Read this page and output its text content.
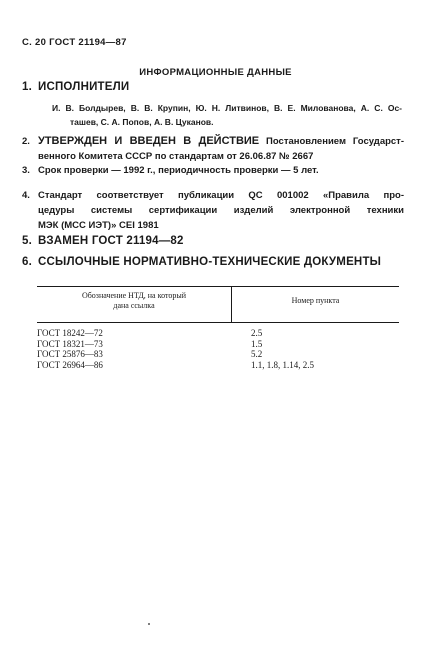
С. 20 ГОСТ 21194—87
ИНФОРМАЦИОННЫЕ ДАННЫЕ
1. ИСПОЛНИТЕЛИ
И. В. Болдырев, В. В. Крупин, Ю. Н. Литвинов, В. Е. Милованова, А. С. Ос-
ташев, С. А. Попов, А. В. Цуканов.
2. УТВЕРЖДЕН И ВВЕДЕН В ДЕЙСТВИЕ Постановлением Государст-
венного Комитета СССР по стандартам от 26.06.87 № 2667
3. Срок проверки — 1992 г., периодичность проверки — 5 лет.
4. Стандарт соответствует публикации QC 001002 «Правила про-
цедуры системы сертификации изделий электронной техники
МЭК (МСС ИЭТ)» CEI 1981
5. ВЗАМЕН ГОСТ 21194—82
6. ССЫЛОЧНЫЕ НОРМАТИВНО-ТЕХНИЧЕСКИЕ ДОКУМЕНТЫ
Обозначение НТД, на который
дана ссылка
Номер пункта
ГОСТ 18242—72	2.5
ГОСТ 18321—73	1.5
ГОСТ 25876—83	5.2
ГОСТ 26964—86	1.1, 1.8, 1.14, 2.5
